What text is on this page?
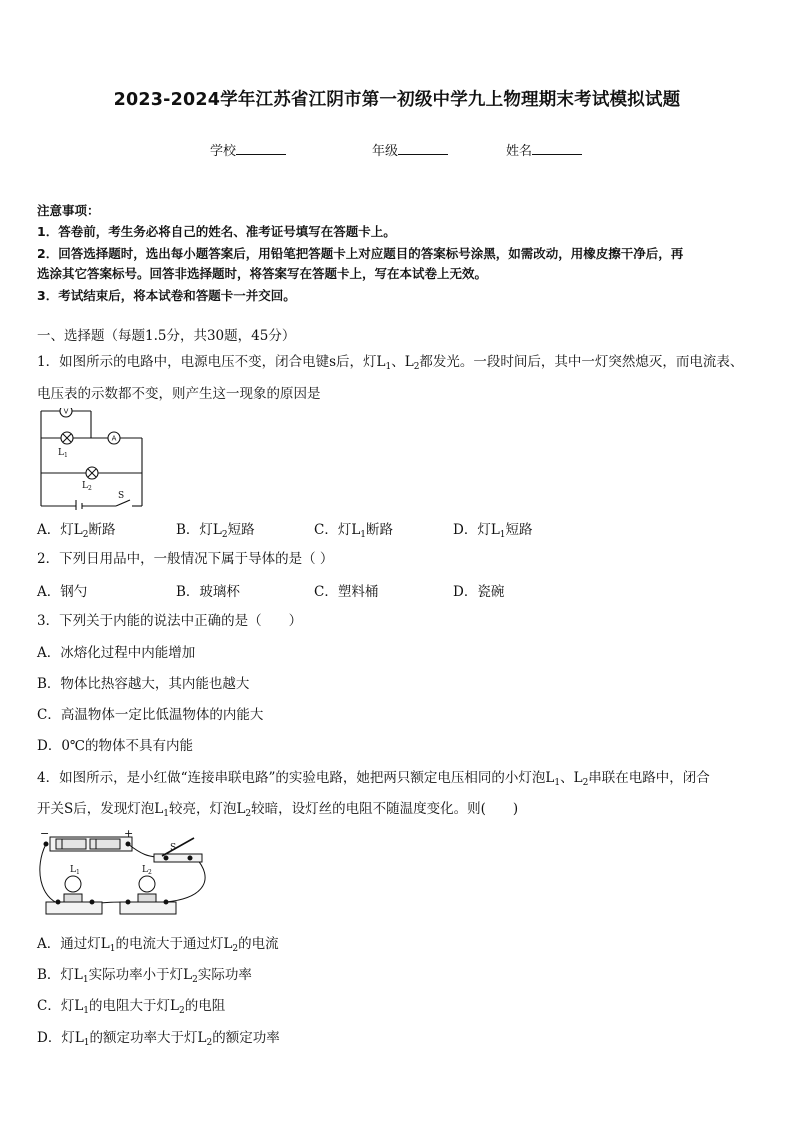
2023-2024学年江苏省江阴市第一初级中学九上物理期末考试模拟试题
学校	年级	姓名
注意事项：
1．答卷前，考生务必将自己的姓名、准考证号填写在答题卡上。
2．回答选择题时，选出每小题答案后，用铅笔把答题卡上对应题目的答案标号涂黑，如需改动，用橡皮擦干净后，再
选涂其它答案标号。回答非选择题时，将答案写在答题卡上，写在本试卷上无效。
3．考试结束后，将本试卷和答题卡一并交回。
一、选择题（每题1.5分，共30题，45分）
1．如图所示的电路中，电源电压不变，闭合电键s后，灯$L_1$、$L_2$都发光。一段时间后，其中一灯突然熄灭，而电流表、
电压表的示数都不变，则产生这一现象的原因是
V
A
$L_1$
$L_2$
S
A．灯$L_2$断路	B．灯$L_2$短路	C．灯$L_1$断路	D．灯$L_1$短路
2．下列日用品中，一般情况下属于导体的是（ ）
A．钢勺	B．玻璃杯	C．塑料桶	D．瓷碗
3．下列关于内能的说法中正确的是（　　）
A．冰熔化过程中内能增加
B．物体比热容越大，其内能也越大
C．高温物体一定比低温物体的内能大
D．0℃的物体不具有内能
4．如图所示，是小红做“连接串联电路”的实验电路，她把两只额定电压相同的小灯泡$L_1$、$L_2$串联在电路中，闭合
开关S后，发现灯泡$L_1$较亮，灯泡$L_2$较暗，设灯丝的电阻不随温度变化。则(　　)
−	+
S
$L_1$	$L_2$
A．通过灯$L_1$的电流大于通过灯$L_2$的电流
B．灯$L_1$实际功率小于灯$L_2$实际功率
C．灯$L_1$的电阻大于灯$L_2$的电阻
D．灯$L_1$的额定功率大于灯$L_2$的额定功率
